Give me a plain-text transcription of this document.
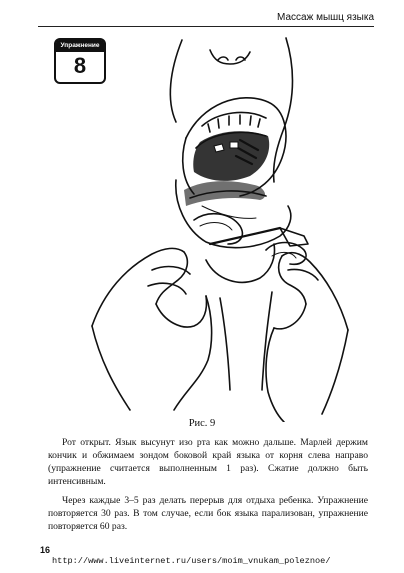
Массаж мышц языка
Упражнение
8
Рис. 9

Рот открыт. Язык высунут изо рта как можно дальше. Марлей держим кончик и обжимаем зондом боковой край языка от корня слева направо (упражнение считается выполненным 1 раз). Сжатие должно быть интенсивным.

Через каждые 3–5 раз делать перерыв для отдыха ребенка. Упражнение повторяется 30 раз. В том случае, если бок языка парализован, упражнение повторяется 60 раз.

16
http://www.liveinternet.ru/users/moim_vnukam_poleznoe/
